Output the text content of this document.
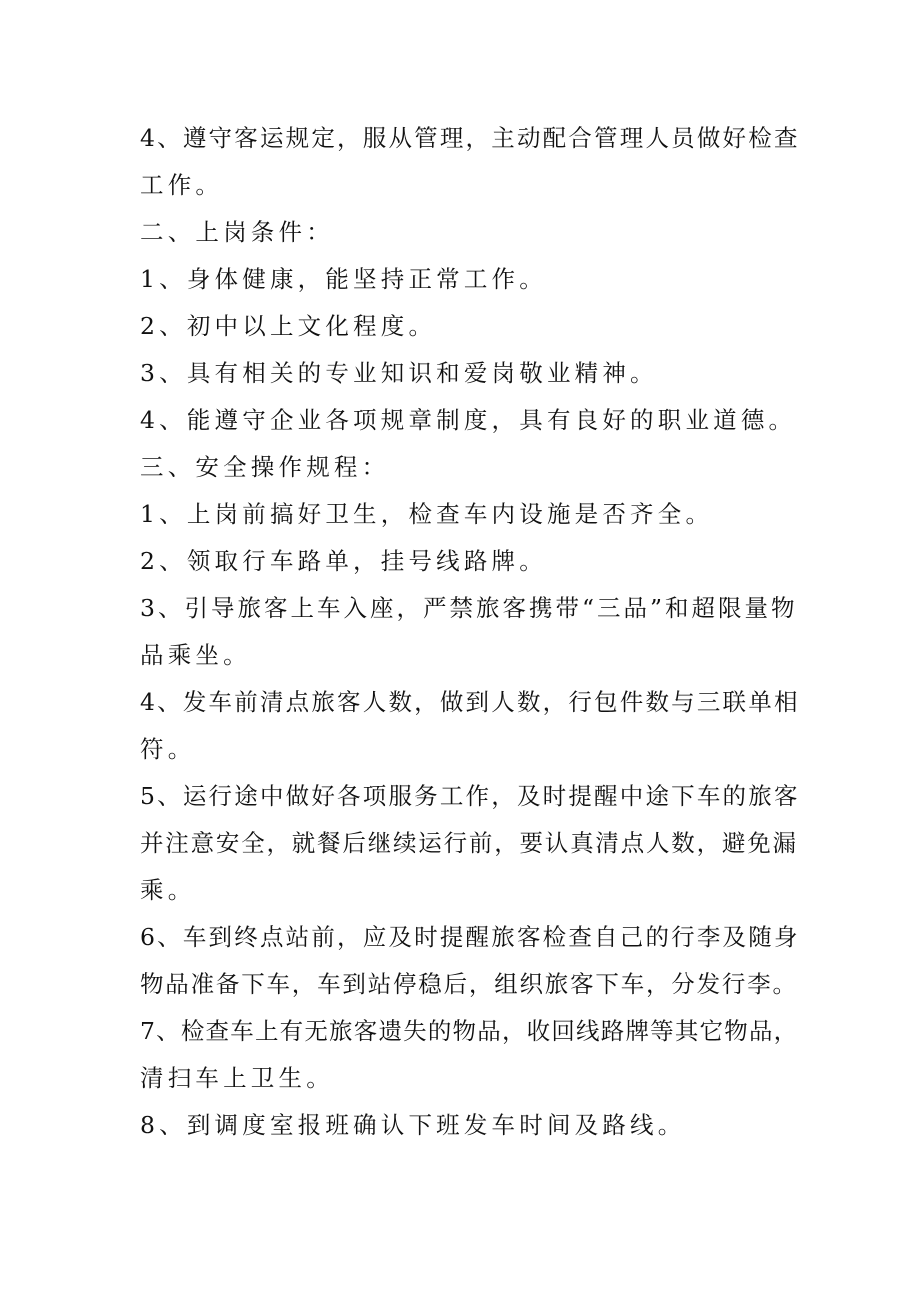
4、遵守客运规定，服从管理，主动配合管理人员做好检查
工作。
二、上岗条件：
1、身体健康，能坚持正常工作。
2、初中以上文化程度。
3、具有相关的专业知识和爱岗敬业精神。
4、能遵守企业各项规章制度，具有良好的职业道德。
三、安全操作规程：
1、上岗前搞好卫生，检查车内设施是否齐全。
2、领取行车路单，挂号线路牌。
3、引导旅客上车入座，严禁旅客携带“三品”和超限量物
品乘坐。
4、发车前清点旅客人数，做到人数，行包件数与三联单相
符。
5、运行途中做好各项服务工作，及时提醒中途下车的旅客
并注意安全，就餐后继续运行前，要认真清点人数，避免漏
乘。
6、车到终点站前，应及时提醒旅客检查自己的行李及随身
物品准备下车，车到站停稳后，组织旅客下车，分发行李。
7、检查车上有无旅客遗失的物品，收回线路牌等其它物品，
清扫车上卫生。
8、到调度室报班确认下班发车时间及路线。
